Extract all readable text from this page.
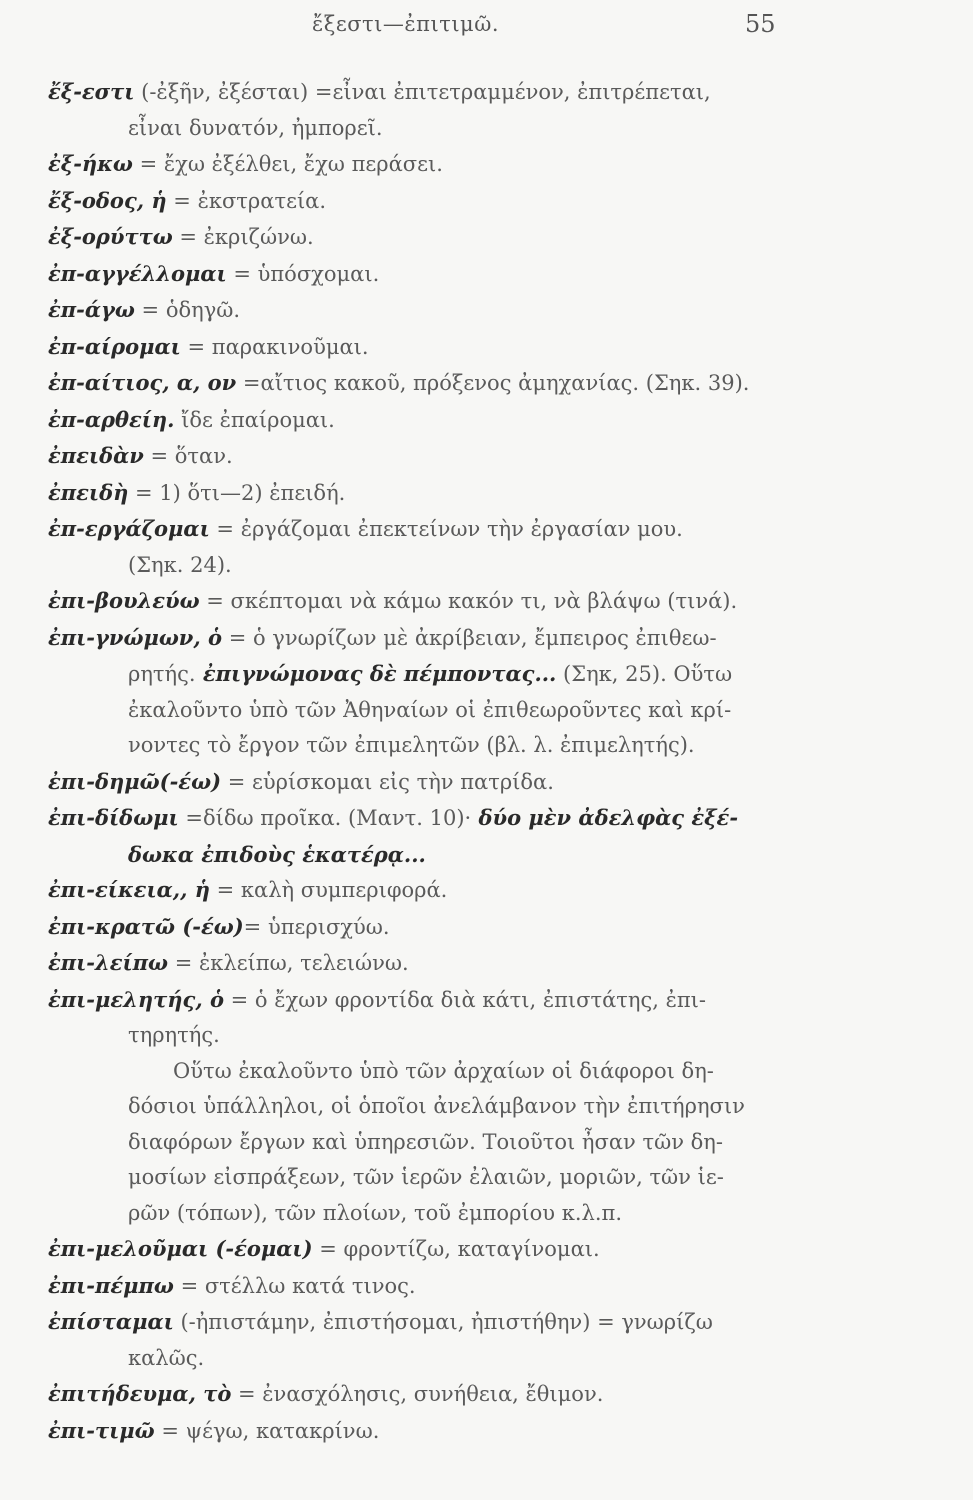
ἔξεστι—ἐπιτιμῶ.	55

ἔξ-εστι (-ἐξῆν, ἐξέσται) =εἶναι ἐπιτετραμμένον, ἐπιτρέπεται,
εἶναι δυνατόν, ἠμπορεῖ.

ἐξ-ήκω = ἔχω ἐξέλθει, ἔχω περάσει.

ἔξ-οδος, ἡ = ἐκστρατεία.

ἐξ-ορύττω = ἐκριζώνω.

ἐπ-αγγέλλομαι = ὑπόσχομαι.

ἐπ-άγω = ὁδηγῶ.

ἐπ-αίρομαι = παρακινοῦμαι.

ἐπ-αίτιος, α, ον =αἴτιος κακοῦ, πρόξενος ἀμηχανίας. (Σηκ. 39).

ἐπ-αρθείη. ἴδε ἐπαίρομαι.

ἐπειδὰν = ὅταν.

ἐπειδὴ = 1) ὅτι—2) ἐπειδή.

ἐπ-εργάζομαι = ἐργάζομαι ἐπεκτείνων τὴν ἐργασίαν μου.
(Σηκ. 24).

ἐπι-βουλεύω = σκέπτομαι νὰ κάμω κακόν τι, νὰ βλάψω (τινά).

ἐπι-γνώμων, ὁ = ὁ γνωρίζων μὲ ἀκρίβειαν, ἔμπειρος ἐπιθεω-
ρητής. ἐπιγνώμονας δὲ πέμποντας... (Σηκ, 25). Οὕτω
ἐκαλοῦντο ὑπὸ τῶν Ἀθηναίων οἱ ἐπιθεωροῦντες καὶ κρί-
νοντες τὸ ἔργον τῶν ἐπιμελητῶν (βλ. λ. ἐπιμελητής).

ἐπι-δημῶ(-έω) = εὑρίσκομαι εἰς τὴν πατρίδα.

ἐπι-δίδωμι =δίδω προῖκα. (Μαντ. 10)· δύο μὲν ἀδελφὰς ἐξέ-
δωκα ἐπιδοὺς ἑκατέρᾳ...

ἐπι-είκεια,, ἡ = καλὴ συμπεριφορά.

ἐπι-κρατῶ (-έω)= ὑπερισχύω.

ἐπι-λείπω = ἐκλείπω, τελειώνω.

ἐπι-μελητής, ὁ = ὁ ἔχων φροντίδα διὰ κάτι, ἐπιστάτης, ἐπι-
τηρητής.

Οὕτω ἐκαλοῦντο ὑπὸ τῶν ἀρχαίων οἱ διάφοροι δη-
δόσιοι ὑπάλληλοι, οἱ ὁποῖοι ἀνελάμβανον τὴν ἐπιτήρησιν
διαφόρων ἔργων καὶ ὑπηρεσιῶν. Τοιοῦτοι ἦσαν τῶν δη-
μοσίων εἰσπράξεων, τῶν ἱερῶν ἐλαιῶν, μοριῶν, τῶν ἱε-
ρῶν (τόπων), τῶν πλοίων, τοῦ ἐμπορίου κ.λ.π.

ἐπι-μελοῦμαι (-έομαι) = φροντίζω, καταγίνομαι.

ἐπι-πέμπω = στέλλω κατά τινος.

ἐπίσταμαι (-ἠπιστάμην, ἐπιστήσομαι, ἠπιστήθην) = γνωρίζω
καλῶς.

ἐπιτήδευμα, τὸ = ἐνασχόλησις, συνήθεια, ἔθιμον.

ἐπι-τιμῶ = ψέγω, κατακρίνω.
